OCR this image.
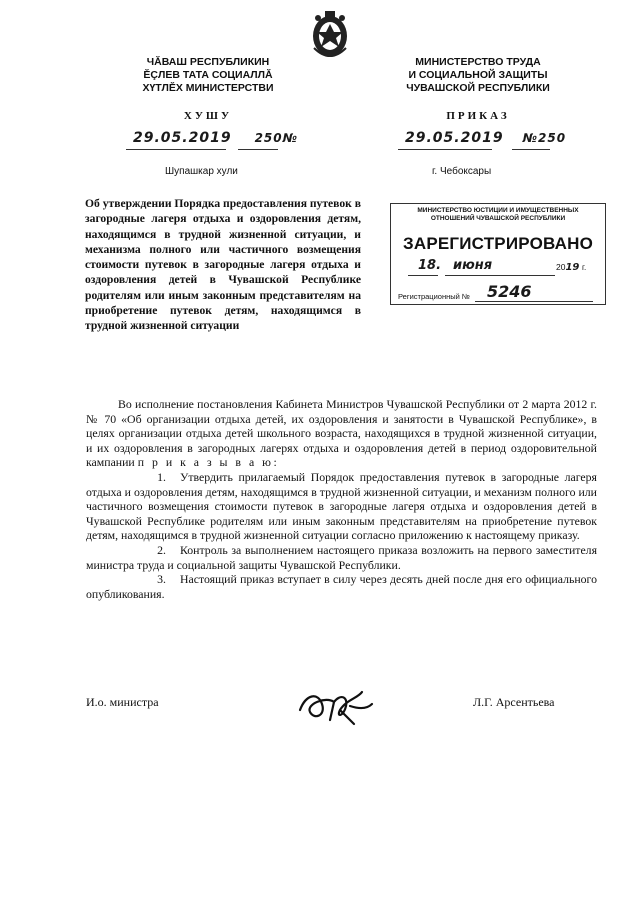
ЧĂВАШ РЕСПУБЛИКИН
ĔÇЛЕВ ТАТА СОЦИАЛЛĂ
ХҮТЛĔХ МИНИСТЕРСТВИ
МИНИСТЕРСТВО ТРУДА
И СОЦИАЛЬНОЙ ЗАЩИТЫ
ЧУВАШСКОЙ РЕСПУБЛИКИ
ХУШУ	ПРИКАЗ
29.05.2019 250№	29.05.2019 №250
Шупашкар хули	г. Чебоксары
Об утверждении Порядка предоставления путевок в загородные лагеря отдыха и оздоровления детям, находящимся в трудной жизненной ситуации, и механизма полного или частичного возмещения стоимости путевок в загородные лагеря отдыха и оздоровления детей в Чувашской Республике родителям или иным законным представителям на приобретение путевок детям, находящимся в трудной жизненной ситуации
МИНИСТЕРСТВО ЮСТИЦИИ И ИМУЩЕСТВЕННЫХ
ОТНОШЕНИЙ ЧУВАШСКОЙ РЕСПУБЛИКИ
ЗАРЕГИСТРИРОВАНО
18. июня	2019 г.
Регистрационный № 5246

Во исполнение постановления Кабинета Министров Чувашской Республики от 2 марта 2012 г. № 70 «Об организации отдыха детей, их оздоровления и занятости в Чувашской Республике», в целях организации отдыха детей школьного возраста, находящихся в трудной жизненной ситуации, и их оздоровления в загородных лагерях отдыха и оздоровления детей в период оздоровительной кампании п р и к а з ы в а ю:

1. Утвердить прилагаемый Порядок предоставления путевок в загородные лагеря отдыха и оздоровления детям, находящимся в трудной жизненной ситуации, и механизм полного или частичного возмещения стоимости путевок в загородные лагеря отдыха и оздоровления детей в Чувашской Республике родителям или иным законным представителям на приобретение путевок детям, находящимся в трудной жизненной ситуации согласно приложению к настоящему приказу.

2. Контроль за выполнением настоящего приказа возложить на первого заместителя министра труда и социальной защиты Чувашской Республики.

3. Настоящий приказ вступает в силу через десять дней после дня его официального опубликования.

И.о. министра	Л.Г. Арсентьева
